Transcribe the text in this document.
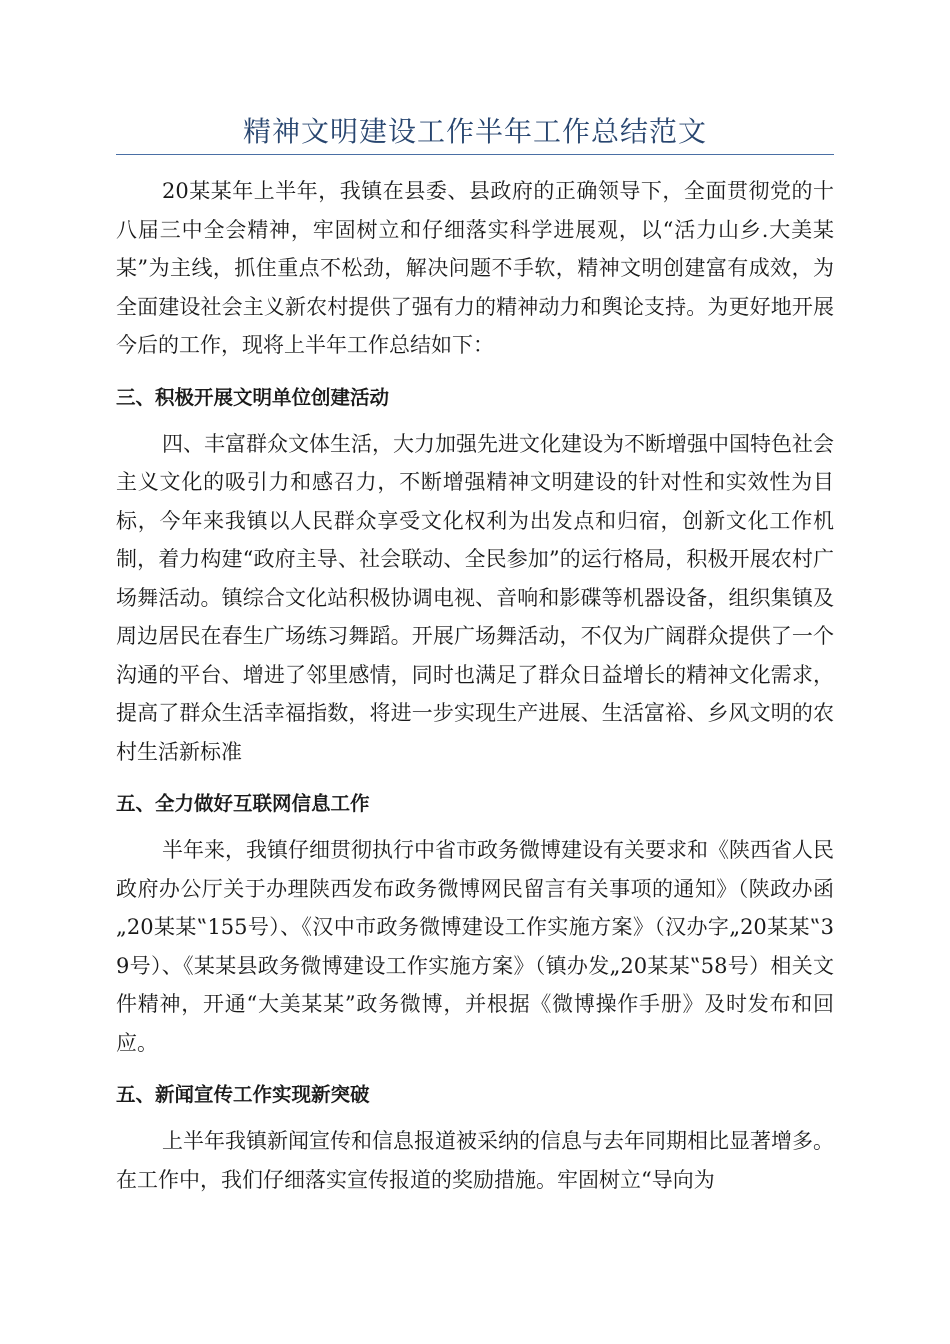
精神文明建设工作半年工作总结范文

20某某年上半年，我镇在县委、县政府的正确领导下，全面贯彻党的十八届三中全会精神，牢固树立和仔细落实科学进展观，以“活力山乡.大美某某”为主线，抓住重点不松劲，解决问题不手软，精神文明创建富有成效，为全面建设社会主义新农村提供了强有力的精神动力和舆论支持。为更好地开展今后的工作，现将上半年工作总结如下：

三、积极开展文明单位创建活动

四、丰富群众文体生活，大力加强先进文化建设为不断增强中国特色社会主义文化的吸引力和感召力，不断增强精神文明建设的针对性和实效性为目标，今年来我镇以人民群众享受文化权利为出发点和归宿，创新文化工作机制，着力构建“政府主导、社会联动、全民参加”的运行格局，积极开展农村广场舞活动。镇综合文化站积极协调电视、音响和影碟等机器设备，组织集镇及周边居民在春生广场练习舞蹈。开展广场舞活动，不仅为广阔群众提供了一个沟通的平台、增进了邻里感情，同时也满足了群众日益增长的精神文化需求，提高了群众生活幸福指数，将进一步实现生产进展、生活富裕、乡风文明的农村生活新标准

五、全力做好互联网信息工作

半年来，我镇仔细贯彻执行中省市政务微博建设有关要求和《陕西省人民政府办公厅关于办理陕西发布政务微博网民留言有关事项的通知》（陕政办函„20某某‟155号）、《汉中市政务微博建设工作实施方案》（汉办字„20某某‟39号）、《某某县政务微博建设工作实施方案》（镇办发„20某某‟58号）相关文件精神，开通“大美某某”政务微博，并根据《微博操作手册》及时发布和回应。

五、新闻宣传工作实现新突破

上半年我镇新闻宣传和信息报道被采纳的信息与去年同期相比显著增多。在工作中，我们仔细落实宣传报道的奖励措施。牢固树立“导向为
